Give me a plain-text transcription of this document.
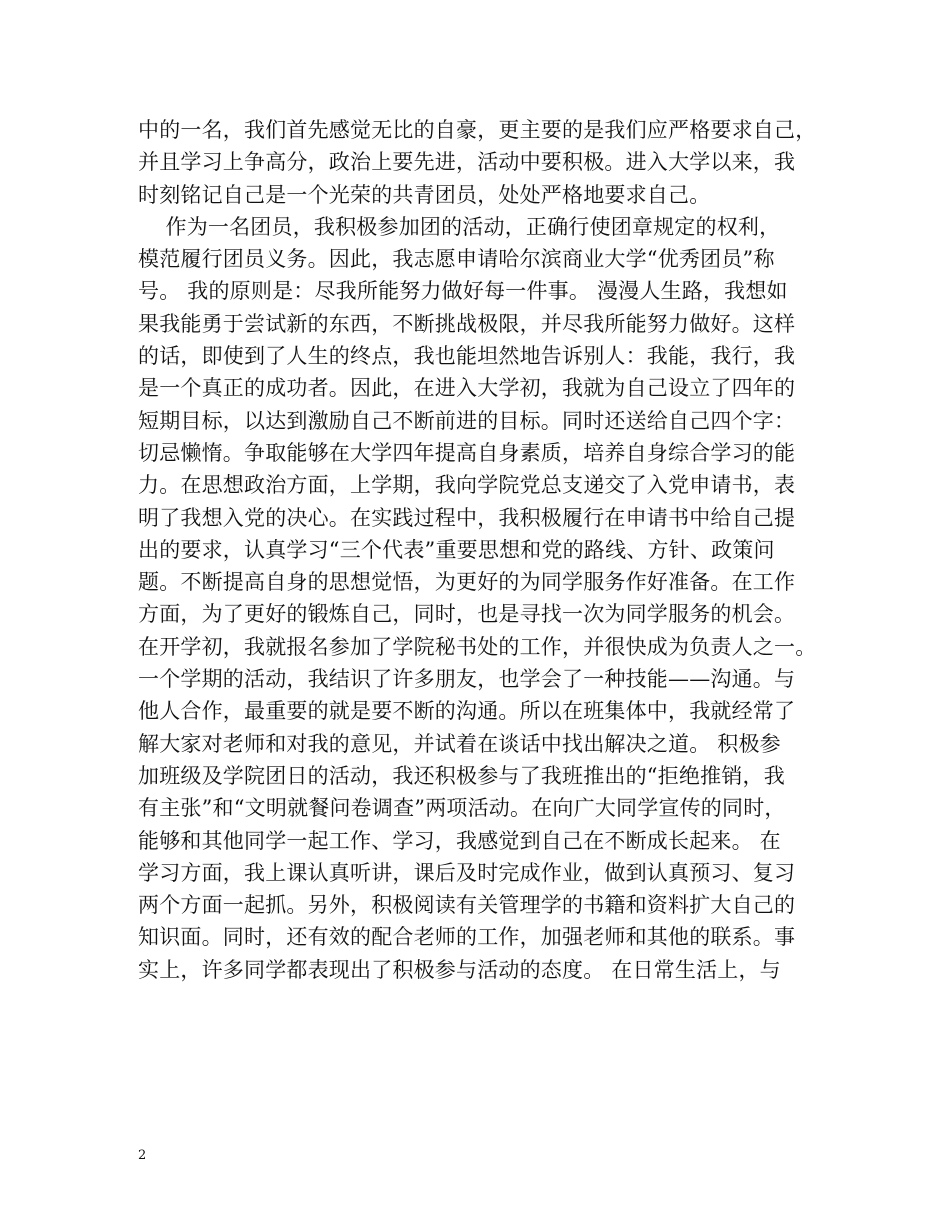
中的一名，我们首先感觉无比的自豪，更主要的是我们应严格要求自己，
并且学习上争高分，政治上要先进，活动中要积极。进入大学以来，我
时刻铭记自己是一个光荣的共青团员，处处严格地要求自己。
作为一名团员，我积极参加团的活动，正确行使团章规定的权利，
模范履行团员义务。因此，我志愿申请哈尔滨商业大学“优秀团员”称
号。 我的原则是：尽我所能努力做好每一件事。 漫漫人生路，我想如
果我能勇于尝试新的东西，不断挑战极限，并尽我所能努力做好。这样
的话，即使到了人生的终点，我也能坦然地告诉别人：我能，我行，我
是一个真正的成功者。因此，在进入大学初，我就为自己设立了四年的
短期目标，以达到激励自己不断前进的目标。同时还送给自己四个字：
切忌懒惰。争取能够在大学四年提高自身素质，培养自身综合学习的能
力。在思想政治方面，上学期，我向学院党总支递交了入党申请书，表
明了我想入党的决心。在实践过程中，我积极履行在申请书中给自己提
出的要求，认真学习“三个代表”重要思想和党的路线、方针、政策问
题。不断提高自身的思想觉悟，为更好的为同学服务作好准备。在工作
方面，为了更好的锻炼自己，同时，也是寻找一次为同学服务的机会。
在开学初，我就报名参加了学院秘书处的工作，并很快成为负责人之一。
一个学期的活动，我结识了许多朋友，也学会了一种技能——沟通。与
他人合作，最重要的就是要不断的沟通。所以在班集体中，我就经常了
解大家对老师和对我的意见，并试着在谈话中找出解决之道。 积极参
加班级及学院团日的活动，我还积极参与了我班推出的“拒绝推销，我
有主张”和“文明就餐问卷调查”两项活动。在向广大同学宣传的同时，
能够和其他同学一起工作、学习，我感觉到自己在不断成长起来。 在
学习方面，我上课认真听讲，课后及时完成作业，做到认真预习、复习
两个方面一起抓。另外，积极阅读有关管理学的书籍和资料扩大自己的
知识面。同时，还有效的配合老师的工作，加强老师和其他的联系。事
实上，许多同学都表现出了积极参与活动的态度。 在日常生活上，与
2
